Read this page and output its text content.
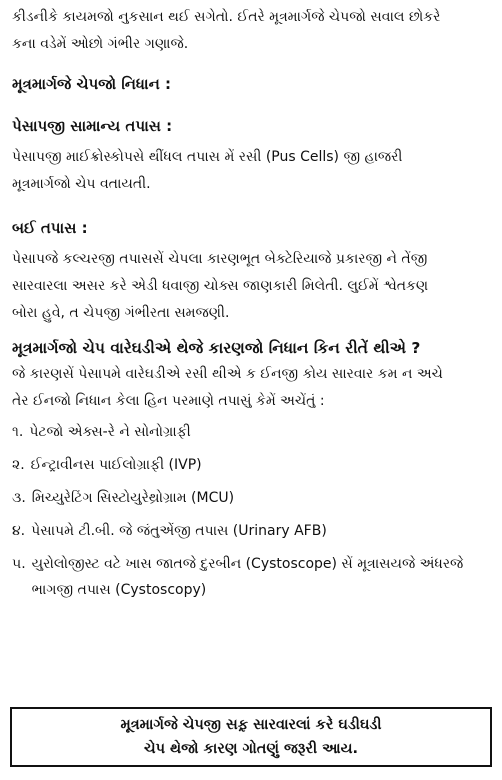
કીડનીકે કાયમજો નુકસાન થઈ સગેતો. ઈતરે મૂત્રમાર્ગજે ચેપજો સવાલ છોકરે

કના વડેમેં ઓછો ગંભીર ગણાજે.

મૂત્રમાર્ગજે ચેપજો નિધાન :

પેસાપજી સામાન્ય તપાસ :

પેસાપજી માઈક્રોસ્કોપસે થીંધલ તપાસ મેં રસી (Pus Cells) જી હાજરી

મૂત્રમાર્ગજો ચેપ વતાયતી.

બઈ તપાસ :

પેસાપજે કલ્ચરજી તપાસસેં ચેપલા કારણભૂત બેક્ટેરિયાજે પ્રકારજી ને તેંજી

સારવારલા અસર કરે એડી ધવાજી ચોક્સ જાણકારી મિલેતી. લુઈમેં શ્વેતકણ

બોરા હુવે, ત ચેપજી ગંભીરતા સમજણી.

મૂત્રમાર્ગજો ચેપ વારેઘડીએ થેજે કારણજો નિધાન કિન રીતેં થીએ ?

જે કારણસેં પેસાપમે વારેઘડીએ રસી થીએ ક ઈનજી કોય સારવાર કમ ન અચે

તેર ઈનજો નિધાન કેલા હિન પરમાણે તપાસું કેમેં અચેંતું :

૧. પેટજો એક્સ-રે ને સોનોગ્રાફી
૨. ઈન્ટ્રાવીનસ પાઈલોગ્રાફી (IVP)
૩. મિચ્યુરેટિંગ સિસ્ટોયુરેથ્રોગ્રામ (MCU)
૪. પેસાપમે ટી.બી. જે જંતુએંજી તપાસ (Urinary AFB)
૫. યુરોલોજીસ્ટ વટે ખાસ જાતજે દુરબીન (Cystoscope) સેં મૂત્રાસયજે અંધરજે ભાગજી તપાસ (Cystoscopy)
મૂત્રમાર્ગજે ચેપજી સફ઼ સારવારલાં કરે ઘડીઘડી
ચેપ થેજો કારણ ગોતણું જરૂરી આય.
